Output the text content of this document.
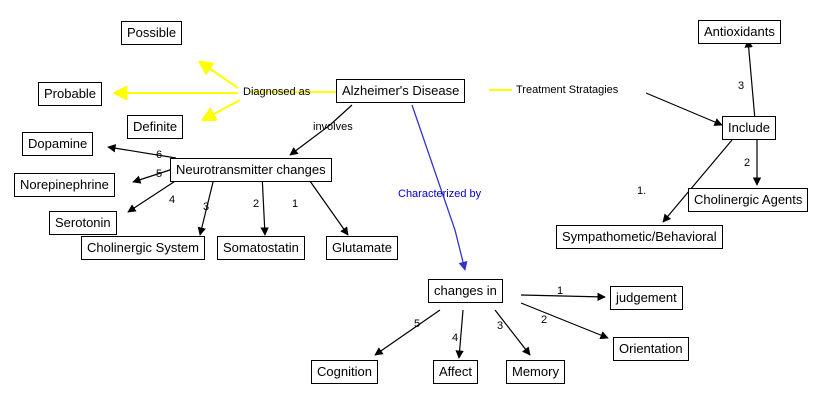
Alzheimer's Disease
Possible
Probable
Definite
Neurotransmitter changes
Dopamine
Norepinephrine
Serotonin
Cholinergic System	Somatostatin	Glutamate
changes in	judgement
Orientation
Memory
Affect
Cognition
Include
Antioxidants
Cholinergic Agents
Sympathometic/Behavioral
Diagnosed as
involves
Characterized by
Treatment Stratagies
6
5
4
3	2	1
1
2
3
4
5
3
2
1.
